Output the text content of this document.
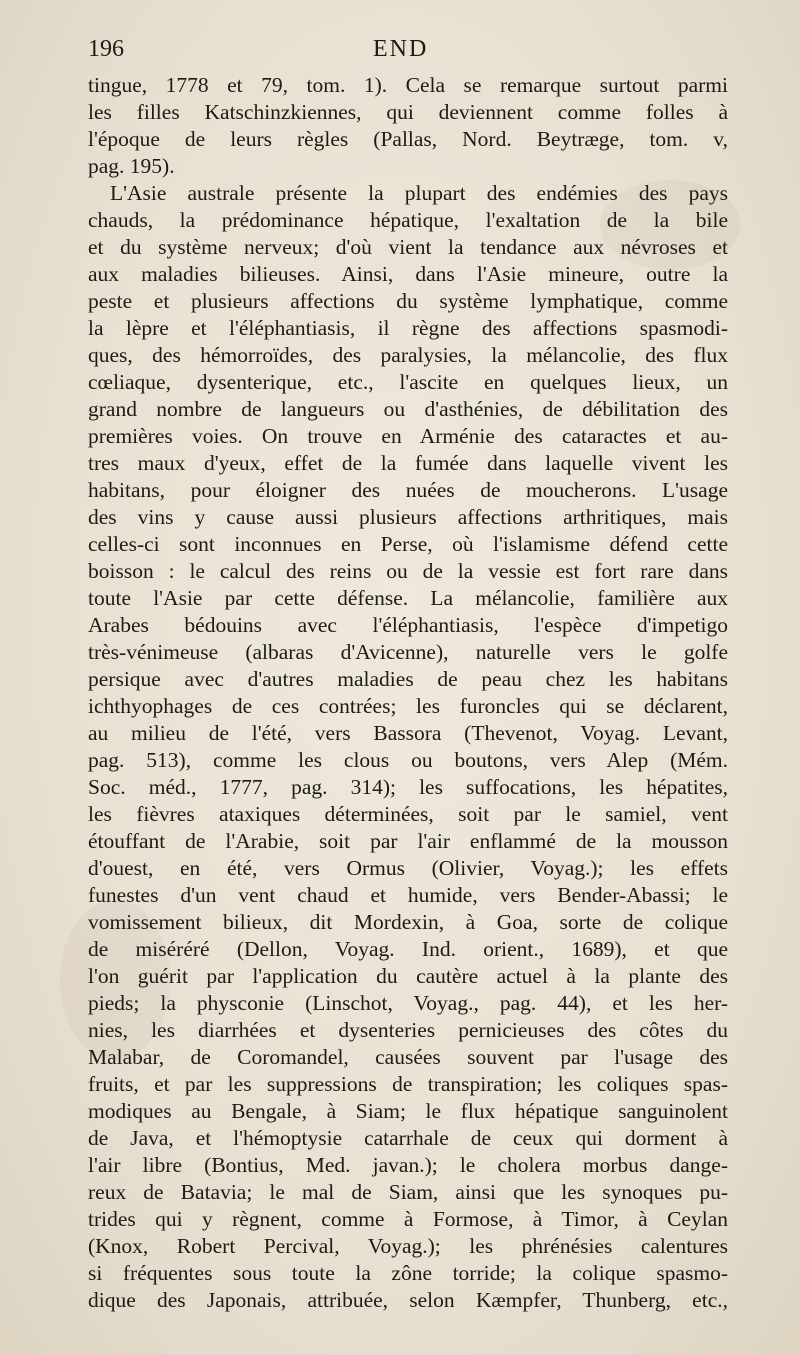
196	END
tingue, 1778 et 79, tom. 1). Cela se remarque surtout parmi
les filles Katschinzkiennes, qui deviennent comme folles à
l'époque de leurs règles (Pallas, Nord. Beytræge, tom. v,
pag. 195).
L'Asie australe présente la plupart des endémies des pays
chauds, la prédominance hépatique, l'exaltation de la bile
et du système nerveux; d'où vient la tendance aux névroses et
aux maladies bilieuses. Ainsi, dans l'Asie mineure, outre la
peste et plusieurs affections du système lymphatique, comme
la lèpre et l'éléphantiasis, il règne des affections spasmodi-
ques, des hémorroïdes, des paralysies, la mélancolie, des flux
cœliaque, dysenterique, etc., l'ascite en quelques lieux, un
grand nombre de langueurs ou d'asthénies, de débilitation des
premières voies. On trouve en Arménie des cataractes et au-
tres maux d'yeux, effet de la fumée dans laquelle vivent les
habitans, pour éloigner des nuées de moucherons. L'usage
des vins y cause aussi plusieurs affections arthritiques, mais
celles-ci sont inconnues en Perse, où l'islamisme défend cette
boisson : le calcul des reins ou de la vessie est fort rare dans
toute l'Asie par cette défense. La mélancolie, familière aux
Arabes bédouins avec l'éléphantiasis, l'espèce d'impetigo
très-vénimeuse (albaras d'Avicenne), naturelle vers le golfe
persique avec d'autres maladies de peau chez les habitans
ichthyophages de ces contrées; les furoncles qui se déclarent,
au milieu de l'été, vers Bassora (Thevenot, Voyag. Levant,
pag. 513), comme les clous ou boutons, vers Alep (Mém.
Soc. méd., 1777, pag. 314); les suffocations, les hépatites,
les fièvres ataxiques déterminées, soit par le samiel, vent
étouffant de l'Arabie, soit par l'air enflammé de la mousson
d'ouest, en été, vers Ormus (Olivier, Voyag.); les effets
funestes d'un vent chaud et humide, vers Bender-Abassi; le
vomissement bilieux, dit Mordexin, à Goa, sorte de colique
de miséréré (Dellon, Voyag. Ind. orient., 1689), et que
l'on guérit par l'application du cautère actuel à la plante des
pieds; la physconie (Linschot, Voyag., pag. 44), et les her-
nies, les diarrhées et dysenteries pernicieuses des côtes du
Malabar, de Coromandel, causées souvent par l'usage des
fruits, et par les suppressions de transpiration; les coliques spas-
modiques au Bengale, à Siam; le flux hépatique sanguinolent
de Java, et l'hémoptysie catarrhale de ceux qui dorment à
l'air libre (Bontius, Med. javan.); le cholera morbus dange-
reux de Batavia; le mal de Siam, ainsi que les synoques pu-
trides qui y règnent, comme à Formose, à Timor, à Ceylan
(Knox, Robert Percival, Voyag.); les phrénésies calentures
si fréquentes sous toute la zône torride; la colique spasmo-
dique des Japonais, attribuée, selon Kæmpfer, Thunberg, etc.,
